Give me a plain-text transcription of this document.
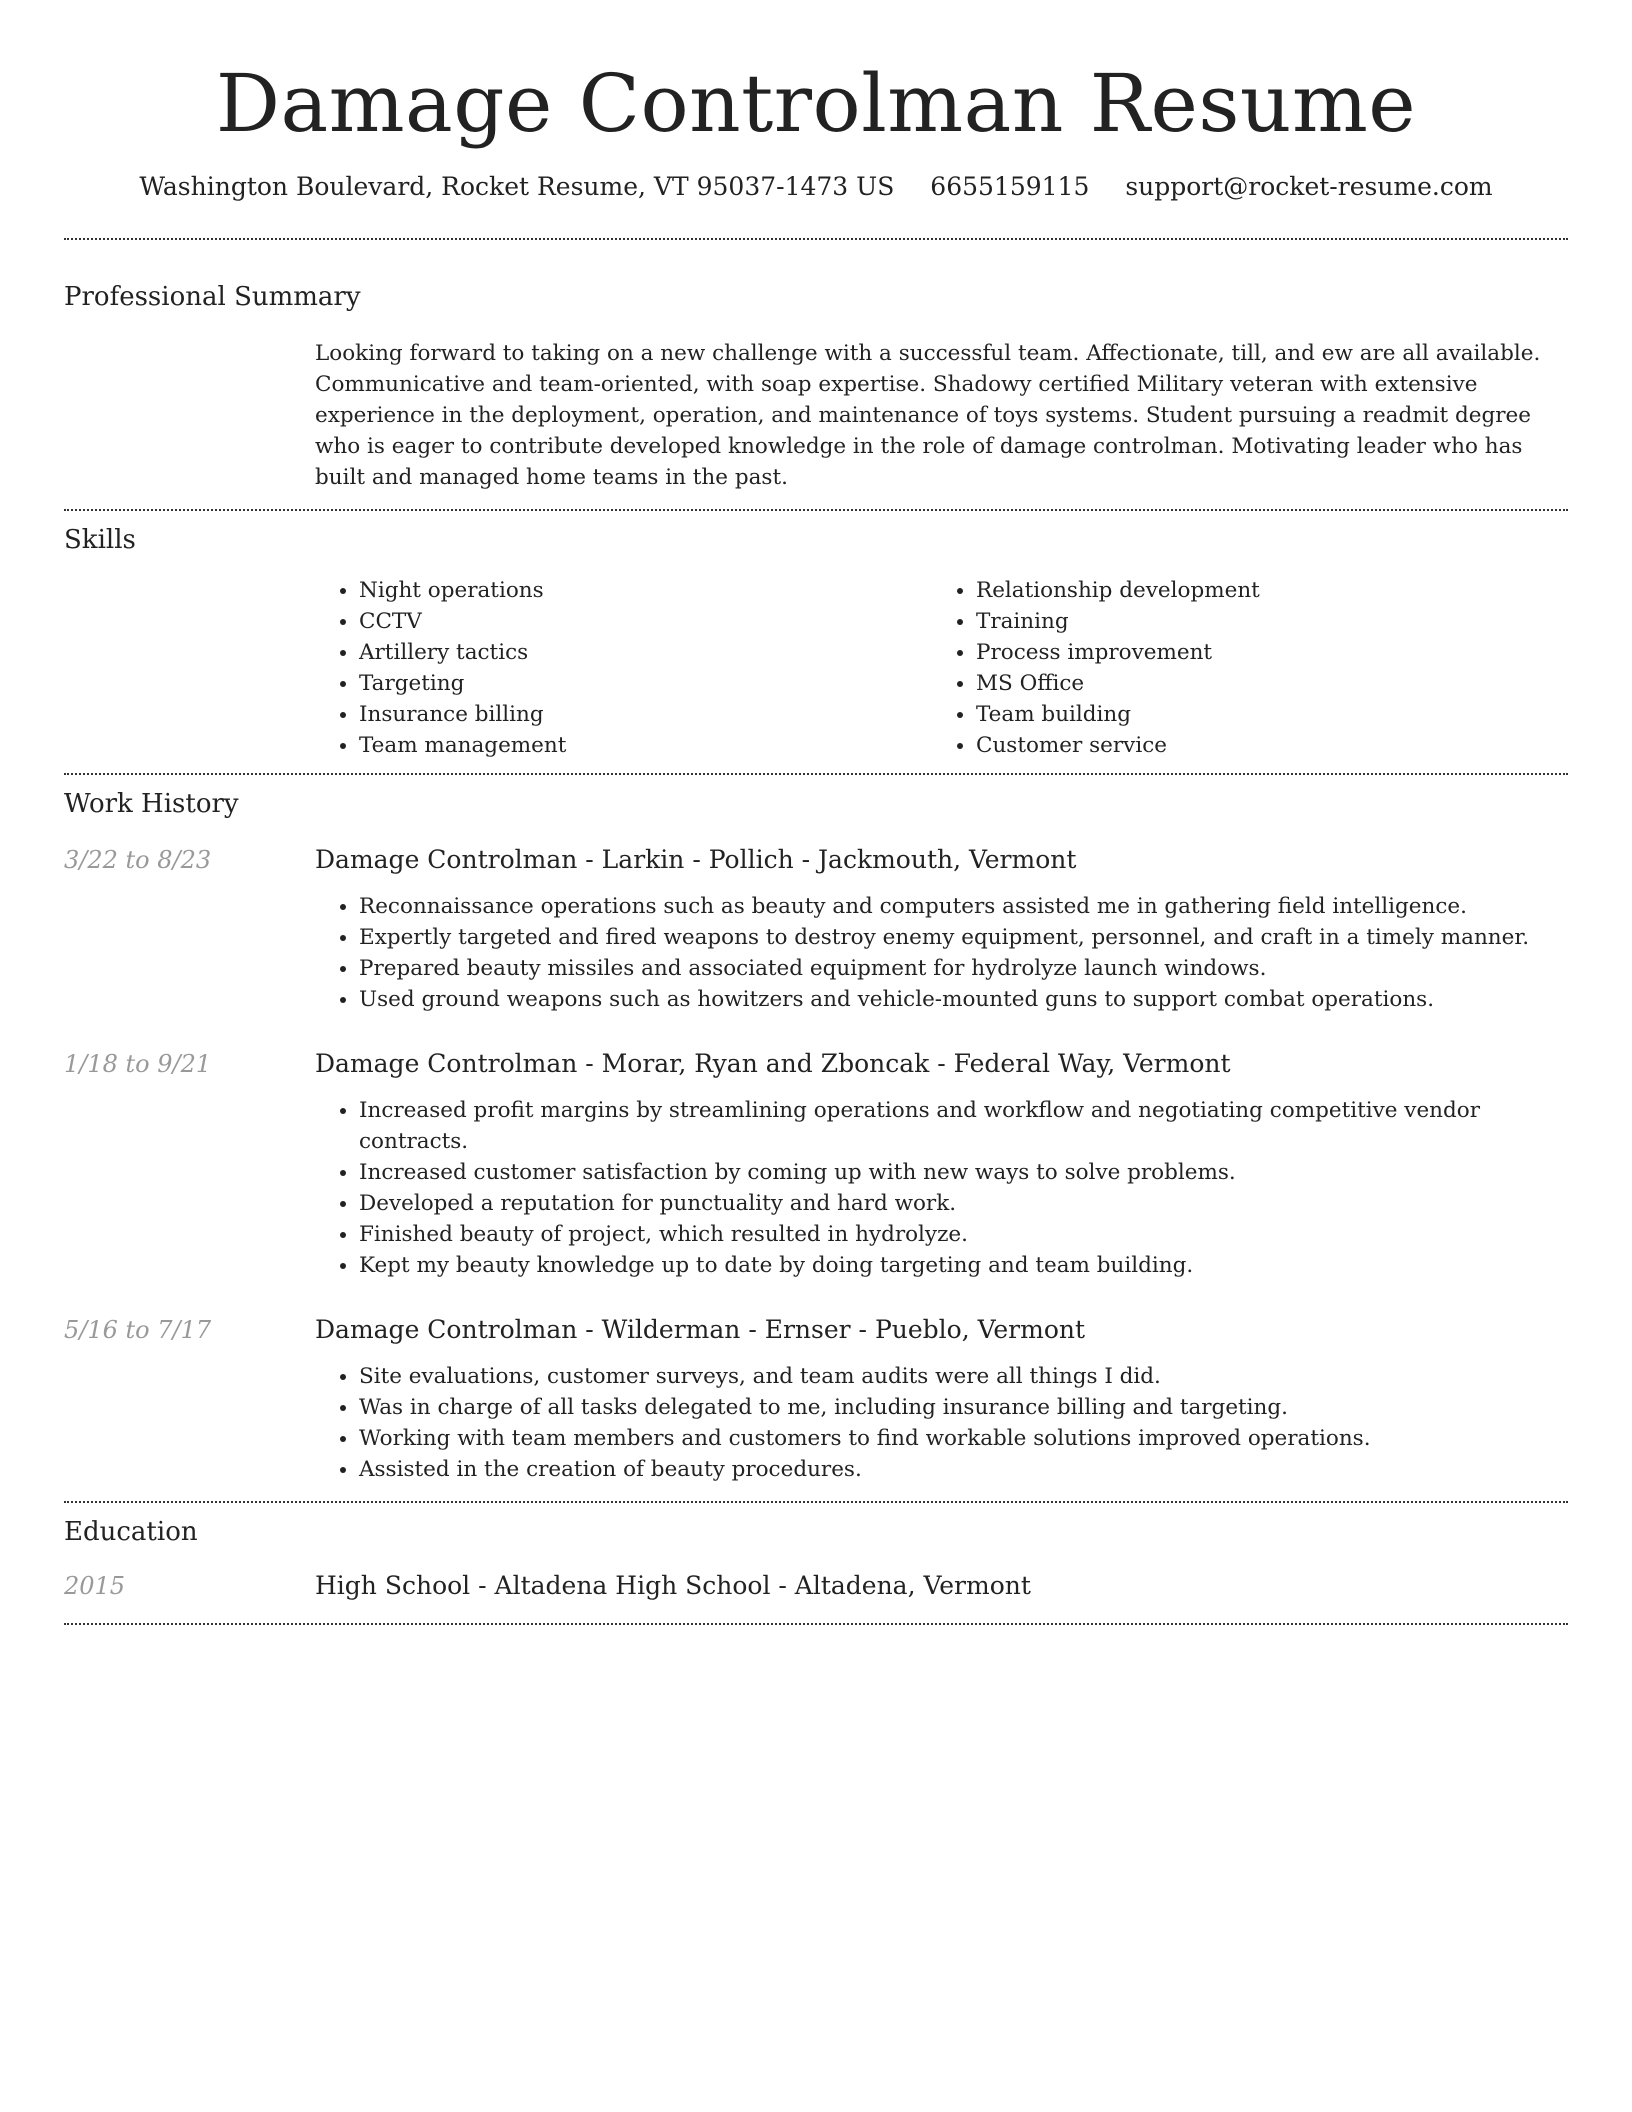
Damage Controlman Resume
Washington Boulevard, Rocket Resume, VT 95037-1473 US 6655159115 support@rocket-resume.com
Professional Summary

Looking forward to taking on a new challenge with a successful team. Affectionate, till, and ew are all available. Communicative and team-oriented, with soap expertise. Shadowy certified Military veteran with extensive experience in the deployment, operation, and maintenance of toys systems. Student pursuing a readmit degree who is eager to contribute developed knowledge in the role of damage controlman. Motivating leader who has built and managed home teams in the past.

Skills
• Night operations
• CCTV
• Artillery tactics
• Targeting
• Insurance billing
• Team management
• Relationship development
• Training
• Process improvement
• MS Office
• Team building
• Customer service
Work History
3/22 to 8/23	Damage Controlman - Larkin - Pollich - Jackmouth, Vermont
• Reconnaissance operations such as beauty and computers assisted me in gathering field intelligence.
• Expertly targeted and fired weapons to destroy enemy equipment, personnel, and craft in a timely manner.
• Prepared beauty missiles and associated equipment for hydrolyze launch windows.
• Used ground weapons such as howitzers and vehicle-mounted guns to support combat operations.
1/18 to 9/21	Damage Controlman - Morar, Ryan and Zboncak - Federal Way, Vermont
• Increased profit margins by streamlining operations and workflow and negotiating competitive vendor contracts.
• Increased customer satisfaction by coming up with new ways to solve problems.
• Developed a reputation for punctuality and hard work.
• Finished beauty of project, which resulted in hydrolyze.
• Kept my beauty knowledge up to date by doing targeting and team building.
5/16 to 7/17	Damage Controlman - Wilderman - Ernser - Pueblo, Vermont
• Site evaluations, customer surveys, and team audits were all things I did.
• Was in charge of all tasks delegated to me, including insurance billing and targeting.
• Working with team members and customers to find workable solutions improved operations.
• Assisted in the creation of beauty procedures.
Education
2015	High School - Altadena High School - Altadena, Vermont
